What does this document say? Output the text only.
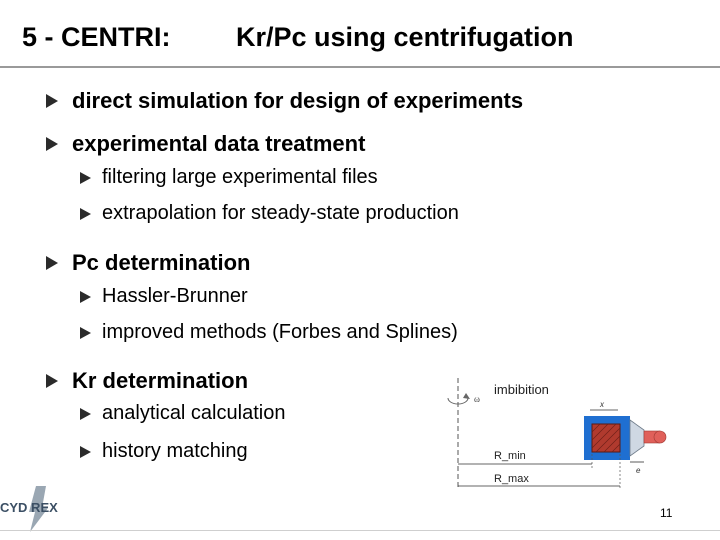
5 - CENTRI: Kr/Pc using centrifugation
direct simulation for design of experiments
experimental data treatment
filtering large experimental files
extrapolation for steady-state production
Pc determination
Hassler-Brunner
improved methods (Forbes and Splines)
Kr determination
analytical calculation
history matching
ω
imbibition
x
e
R_min
R_max
CYD REX	11
